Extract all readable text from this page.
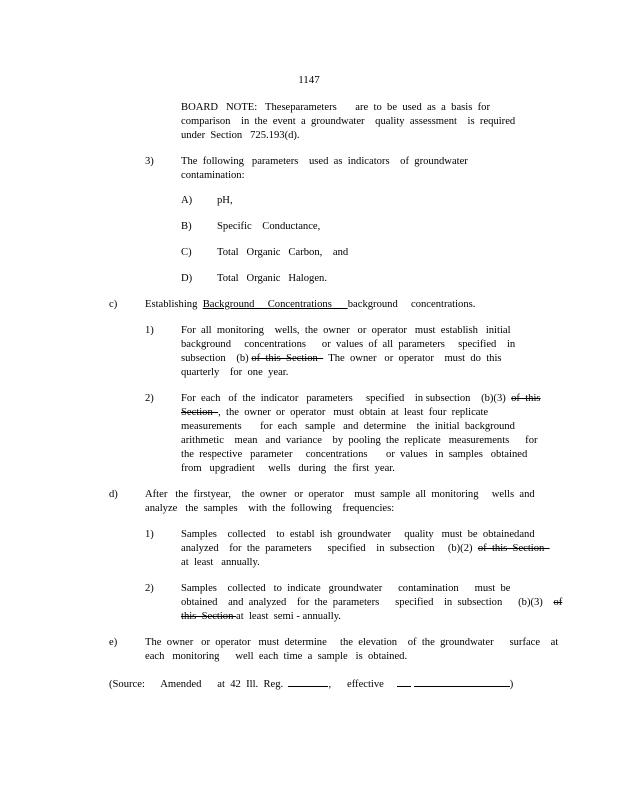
1147
BOARD   NOTE:   Theseparameters       are  to  be  used  as  a  basis  for
comparison    in  the  event  a  groundwater    quality  assessment    is  required
under  Section   725.193(d).
3)	The  following   parameters    used  as  indicators    of  groundwater
contamination:
A) pH,
B) Specific    Conductance,
C) Total   Organic   Carbon,    and
D) Total   Organic   Halogen.
c)	Establishing  Background     Concentrations background     concentrations.
1)	For  all  monitoring    wells,  the  owner   or  operator   must  establish   initial
background     concentrations      or  values  of  all  parameters     specified    in
subsection    (b) of  this  Section    The  owner   or  operator    must  do  this
quarterly    for  one  year.
2)	For  each   of  the  indicator   parameters     specified    in subsection    (b)(3)  of  this
Section  ,  the  owner  or  operator   must  obtain  at  least  four  replicate
measurements       for  each   sample   and  determine    the  initial  background
arithmetic    mean   and  variance    by  pooling  the  replicate   measurements      for
the  respective   parameter     concentrations       or  values   in  samples   obtained
from   upgradient     wells   during   the  first  year.
d)	After   the  firstyear,    the  owner   or  operator    must  sample  all  monitoring     wells  and
analyze   the  samples    with  the  following    frequencies:
1)	Samples    collected    to  establ  ish  groundwater     quality   must  be  obtainedand
analyzed    for  the  parameters      specified    in  subsection     (b)(2)  of  this  Section
at  least   annually.
2)	Samples    collected   to  indicate   groundwater      contamination      must  be
obtained    and  analyzed    for  the  parameters      specified    in  subsection      (b)(3)    of
this  Section at  least  semi - annually.
e)	The  owner   or  operator   must  determine     the  elevation    of  the  groundwater      surface    at
each   monitoring      well  each  time  a  sample   is  obtained.
(Source:      Amended      at  42  Ill.  Reg.	,      effective	)
